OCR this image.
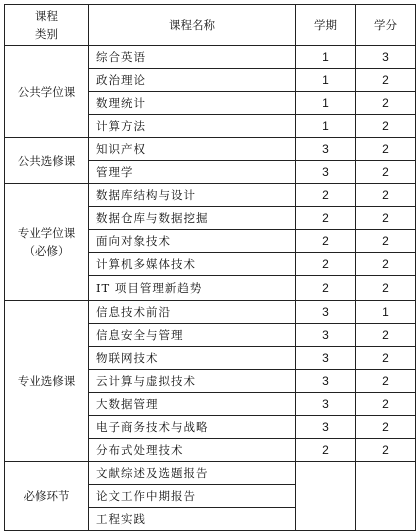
课程
类别	课程名称	学期	学分

公共学位课	综合英语	1	3
	政治理论	1	2
	数理统计	1	2
	计算方法	1	2

公共选修课	知识产权	3	2
	管理学	3	2

专业学位课
（必修）	数据库结构与设计	2	2
	数据仓库与数据挖掘	2	2
	面向对象技术	2	2
	计算机多媒体技术	2	2
	IT 项目管理新趋势	2	2

专业选修课	信息技术前沿	3	1
	信息安全与管理	3	2
	物联网技术	3	2
	云计算与虚拟技术	3	2
	大数据管理	3	2
	电子商务技术与战略	3	2
	分布式处理技术	2	2

必修环节	文献综述及选题报告		
	论文工作中期报告		
	工程实践		
